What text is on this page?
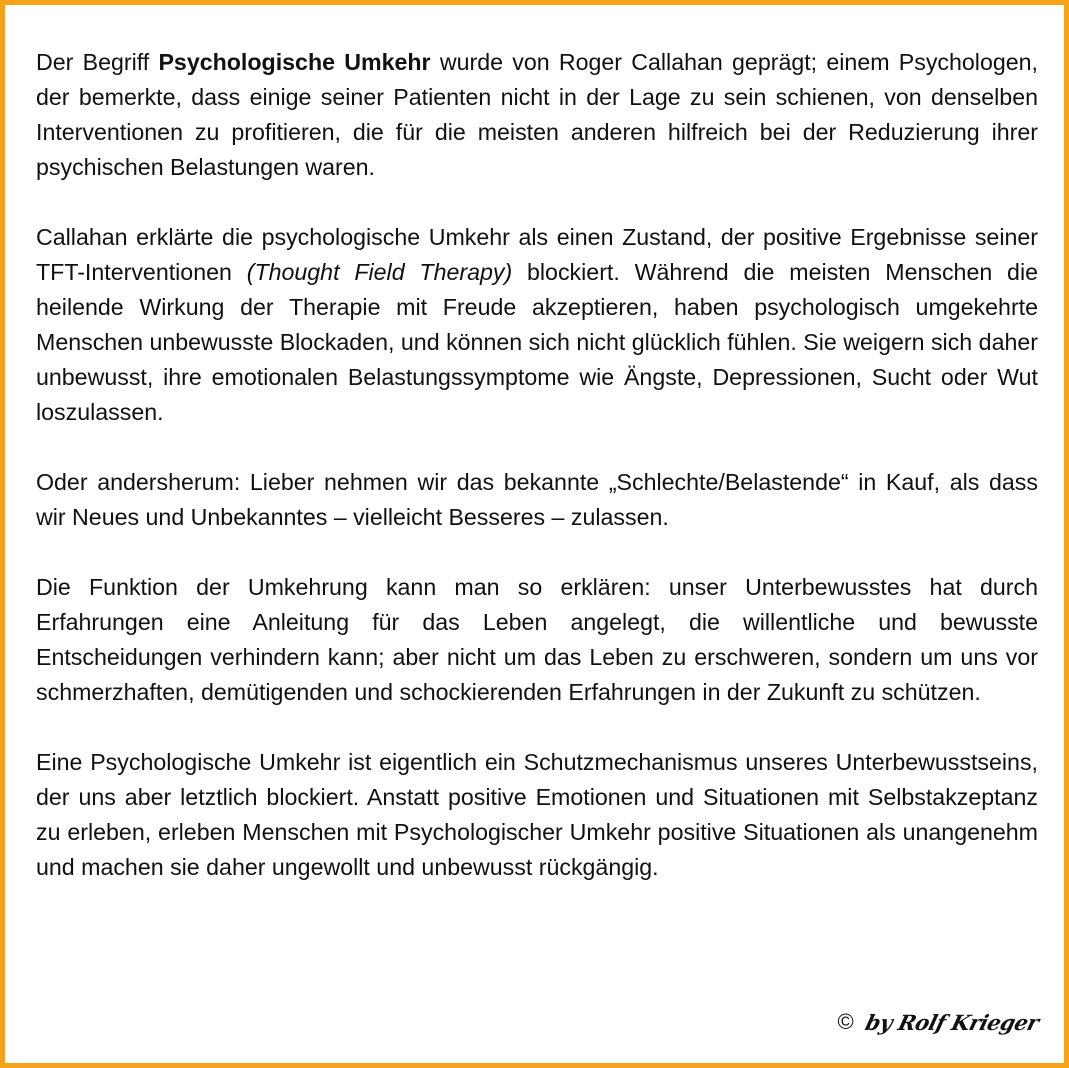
Der Begriff Psychologische Umkehr wurde von Roger Callahan geprägt; einem Psychologen, der bemerkte, dass einige seiner Patienten nicht in der Lage zu sein schienen, von denselben Interventionen zu profitieren, die für die meisten anderen hilfreich bei der Reduzierung ihrer psychischen Belastungen waren.

Callahan erklärte die psychologische Umkehr als einen Zustand, der positive Ergebnisse seiner TFT-Interventionen (Thought Field Therapy) blockiert. Während die meisten Menschen die heilende Wirkung der Therapie mit Freude akzeptieren, haben psychologisch umgekehrte Menschen unbewusste Blockaden, und können sich nicht glücklich fühlen. Sie weigern sich daher unbewusst, ihre emotionalen Belastungssymptome wie Ängste, Depressionen, Sucht oder Wut loszulassen.

Oder andersherum: Lieber nehmen wir das bekannte „Schlechte/Belastende“ in Kauf, als dass wir Neues und Unbekanntes – vielleicht Besseres – zulassen.

Die Funktion der Umkehrung kann man so erklären: unser Unterbewusstes hat durch Erfahrungen eine Anleitung für das Leben angelegt, die willentliche und bewusste Entscheidungen verhindern kann; aber nicht um das Leben zu erschweren, sondern um uns vor schmerzhaften, demütigenden und schockierenden Erfahrungen in der Zukunft zu schützen.

Eine Psychologische Umkehr ist eigentlich ein Schutzmechanismus unseres Unterbewusstseins, der uns aber letztlich blockiert. Anstatt positive Emotionen und Situationen mit Selbstakzeptanz zu erleben, erleben Menschen mit Psychologischer Umkehr positive Situationen als unangenehm und machen sie daher ungewollt und unbewusst rückgängig.

© by Rolf Krieger
